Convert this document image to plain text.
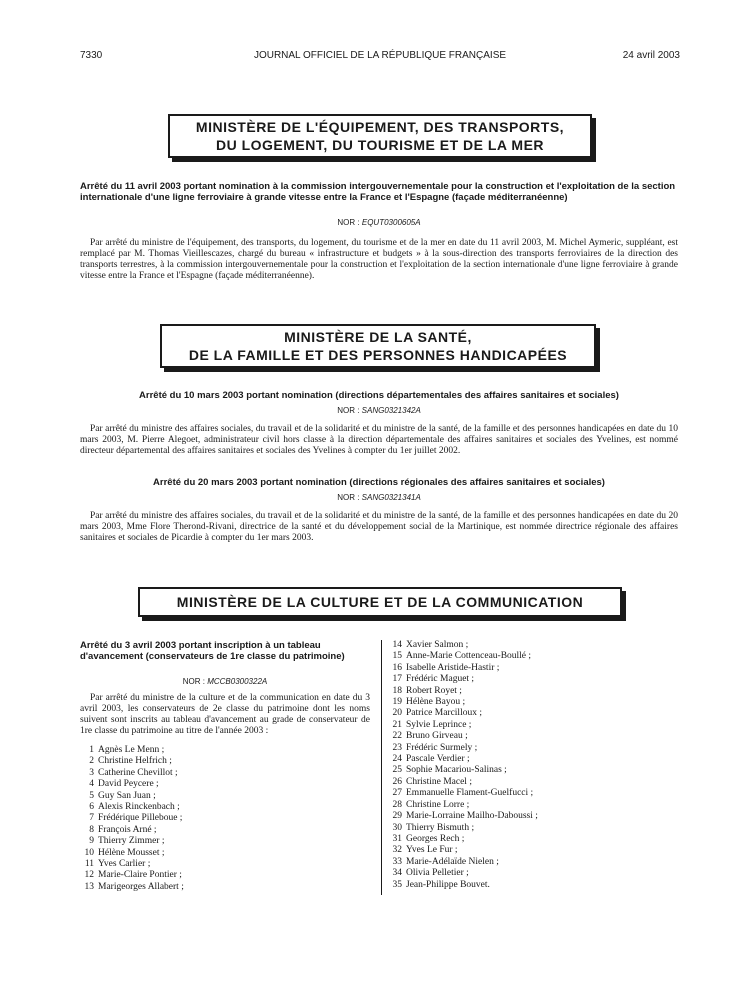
7330	JOURNAL OFFICIEL DE LA RÉPUBLIQUE FRANÇAISE	24 avril 2003
MINISTÈRE DE L'ÉQUIPEMENT, DES TRANSPORTS,
DU LOGEMENT, DU TOURISME ET DE LA MER
Arrêté du 11 avril 2003 portant nomination à la commission intergouvernementale pour la construction et l'exploitation de la section internationale d'une ligne ferroviaire à grande vitesse entre la France et l'Espagne (façade méditerranéenne)
NOR : EQUT0300605A

Par arrêté du ministre de l'équipement, des transports, du logement, du tourisme et de la mer en date du 11 avril 2003, M. Michel Aymeric, suppléant, est remplacé par M. Thomas Vieillescazes, chargé du bureau « infrastructure et budgets » à la sous-direction des transports ferroviaires de la direction des transports terrestres, à la commission intergouvernementale pour la construction et l'exploitation de la section internationale d'une ligne ferroviaire à grande vitesse entre la France et l'Espagne (façade méditerranéenne).

MINISTÈRE DE LA SANTÉ,
DE LA FAMILLE ET DES PERSONNES HANDICAPÉES
Arrêté du 10 mars 2003 portant nomination (directions départementales des affaires sanitaires et sociales)
NOR : SANG0321342A

Par arrêté du ministre des affaires sociales, du travail et de la solidarité et du ministre de la santé, de la famille et des personnes handicapées en date du 10 mars 2003, M. Pierre Alegoet, administrateur civil hors classe à la direction départementale des affaires sanitaires et sociales des Yvelines, est nommé directeur départemental des affaires sanitaires et sociales des Yvelines à compter du 1er juillet 2002.

Arrêté du 20 mars 2003 portant nomination (directions régionales des affaires sanitaires et sociales)
NOR : SANG0321341A

Par arrêté du ministre des affaires sociales, du travail et de la solidarité et du ministre de la santé, de la famille et des personnes handicapées en date du 20 mars 2003, Mme Flore Therond-Rivani, directrice de la santé et du développement social de la Martinique, est nommée directrice régionale des affaires sanitaires et sociales de Picardie à compter du 1er mars 2003.

MINISTÈRE DE LA CULTURE ET DE LA COMMUNICATION
Arrêté du 3 avril 2003 portant inscription à un tableau d'avancement (conservateurs de 1re classe du patrimoine)
NOR : MCCB0300322A

Par arrêté du ministre de la culture et de la communication en date du 3 avril 2003, les conservateurs de 2e classe du patrimoine dont les noms suivent sont inscrits au tableau d'avancement au grade de conservateur de 1re classe du patrimoine au titre de l'année 2003 :

1 Agnès Le Menn ;
2 Christine Helfrich ;
3 Catherine Chevillot ;
4 David Peycere ;
5 Guy San Juan ;
6 Alexis Rinckenbach ;
7 Frédérique Pilleboue ;
8 François Arné ;
9 Thierry Zimmer ;
10 Hélène Mousset ;
11 Yves Carlier ;
12 Marie-Claire Pontier ;
13 Marigeorges Allabert ;
14 Xavier Salmon ;
15 Anne-Marie Cottenceau-Boullé ;
16 Isabelle Aristide-Hastir ;
17 Frédéric Maguet ;
18 Robert Royet ;
19 Hélène Bayou ;
20 Patrice Marcilloux ;
21 Sylvie Leprince ;
22 Bruno Girveau ;
23 Frédéric Surmely ;
24 Pascale Verdier ;
25 Sophie Macariou-Salinas ;
26 Christine Macel ;
27 Emmanuelle Flament-Guelfucci ;
28 Christine Lorre ;
29 Marie-Lorraine Mailho-Daboussi ;
30 Thierry Bismuth ;
31 Georges Rech ;
32 Yves Le Fur ;
33 Marie-Adélaïde Nielen ;
34 Olivia Pelletier ;
35 Jean-Philippe Bouvet.
